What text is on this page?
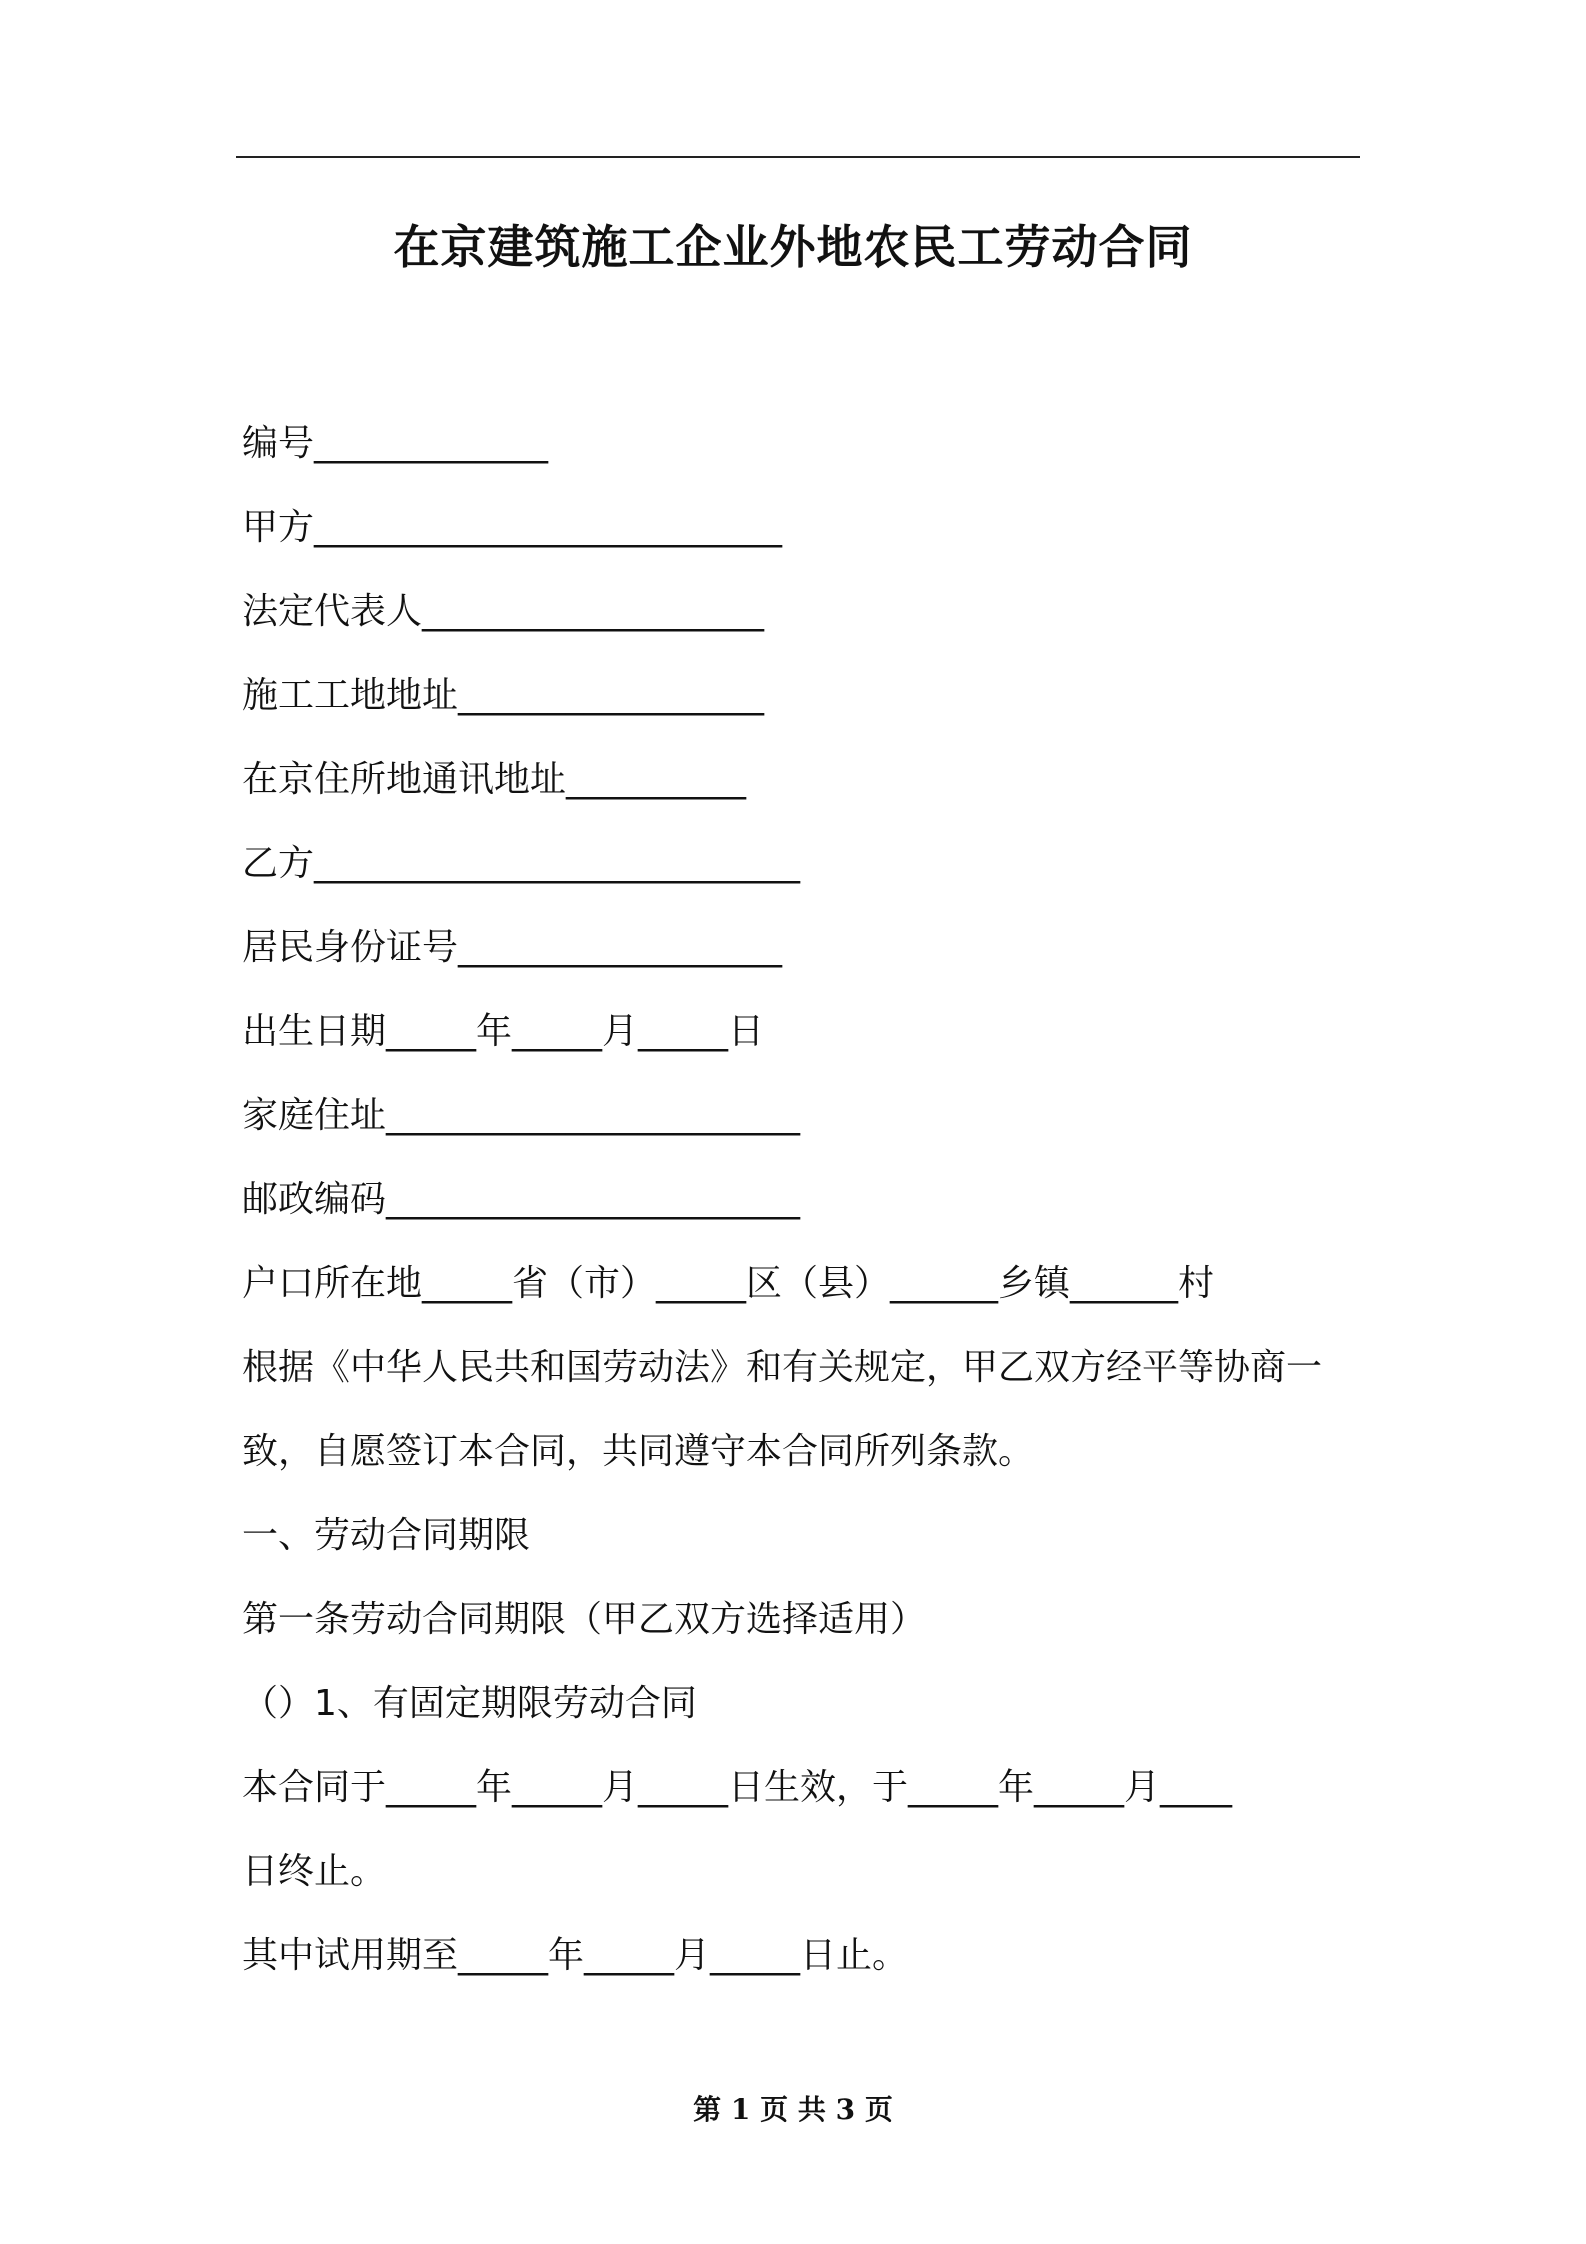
在京建筑施工企业外地农民工劳动合同
编号_____________
甲方__________________________
法定代表人___________________
施工工地地址_________________
在京住所地通讯地址__________
乙方___________________________
居民身份证号__________________
出生日期_____年_____月_____日
家庭住址_______________________
邮政编码_______________________
户口所在地_____省（市）_____区（县）______乡镇______村
根据《中华人民共和国劳动法》和有关规定，甲乙双方经平等协商一
致，自愿签订本合同，共同遵守本合同所列条款。
一、劳动合同期限
第一条劳动合同期限（甲乙双方选择适用）
（）1、有固定期限劳动合同
本合同于_____年_____月_____日生效，于_____年_____月____
日终止。
其中试用期至_____年_____月_____日止。
第 1 页 共 3 页
